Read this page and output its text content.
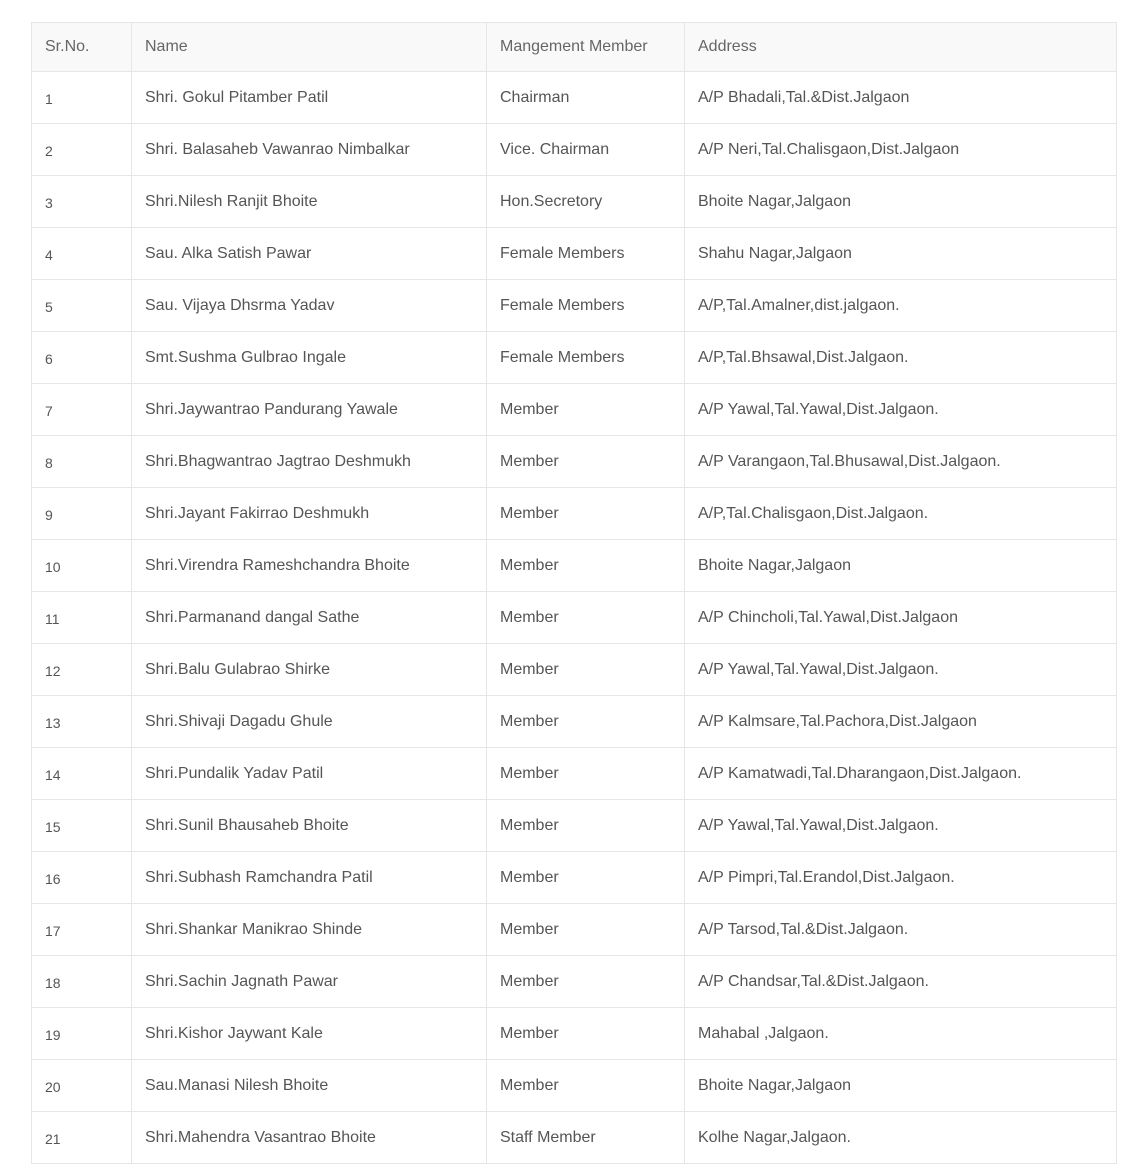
Sr.No.	Name	Mangement Member	Address
1	Shri. Gokul Pitamber Patil	Chairman	A/P Bhadali,Tal.&Dist.Jalgaon
2	Shri. Balasaheb Vawanrao Nimbalkar	Vice. Chairman	A/P Neri,Tal.Chalisgaon,Dist.Jalgaon
3	Shri.Nilesh Ranjit Bhoite	Hon.Secretory	Bhoite Nagar,Jalgaon
4	Sau. Alka Satish Pawar	Female Members	Shahu Nagar,Jalgaon
5	Sau. Vijaya Dhsrma Yadav	Female Members	A/P,Tal.Amalner,dist.jalgaon.
6	Smt.Sushma Gulbrao Ingale	Female Members	A/P,Tal.Bhsawal,Dist.Jalgaon.
7	Shri.Jaywantrao Pandurang Yawale	Member	A/P Yawal,Tal.Yawal,Dist.Jalgaon.
8	Shri.Bhagwantrao Jagtrao Deshmukh	Member	A/P Varangaon,Tal.Bhusawal,Dist.Jalgaon.
9	Shri.Jayant Fakirrao Deshmukh	Member	A/P,Tal.Chalisgaon,Dist.Jalgaon.
10	Shri.Virendra Rameshchandra Bhoite	Member	Bhoite Nagar,Jalgaon
11	Shri.Parmanand dangal Sathe	Member	A/P Chincholi,Tal.Yawal,Dist.Jalgaon
12	Shri.Balu Gulabrao Shirke	Member	A/P Yawal,Tal.Yawal,Dist.Jalgaon.
13	Shri.Shivaji Dagadu Ghule	Member	A/P Kalmsare,Tal.Pachora,Dist.Jalgaon
14	Shri.Pundalik Yadav Patil	Member	A/P Kamatwadi,Tal.Dharangaon,Dist.Jalgaon.
15	Shri.Sunil Bhausaheb Bhoite	Member	A/P Yawal,Tal.Yawal,Dist.Jalgaon.
16	Shri.Subhash Ramchandra Patil	Member	A/P Pimpri,Tal.Erandol,Dist.Jalgaon.
17	Shri.Shankar Manikrao Shinde	Member	A/P Tarsod,Tal.&Dist.Jalgaon.
18	Shri.Sachin Jagnath Pawar	Member	A/P Chandsar,Tal.&Dist.Jalgaon.
19	Shri.Kishor Jaywant Kale	Member	Mahabal ,Jalgaon.
20	Sau.Manasi Nilesh Bhoite	Member	Bhoite Nagar,Jalgaon
21	Shri.Mahendra Vasantrao Bhoite	Staff Member	Kolhe Nagar,Jalgaon.
